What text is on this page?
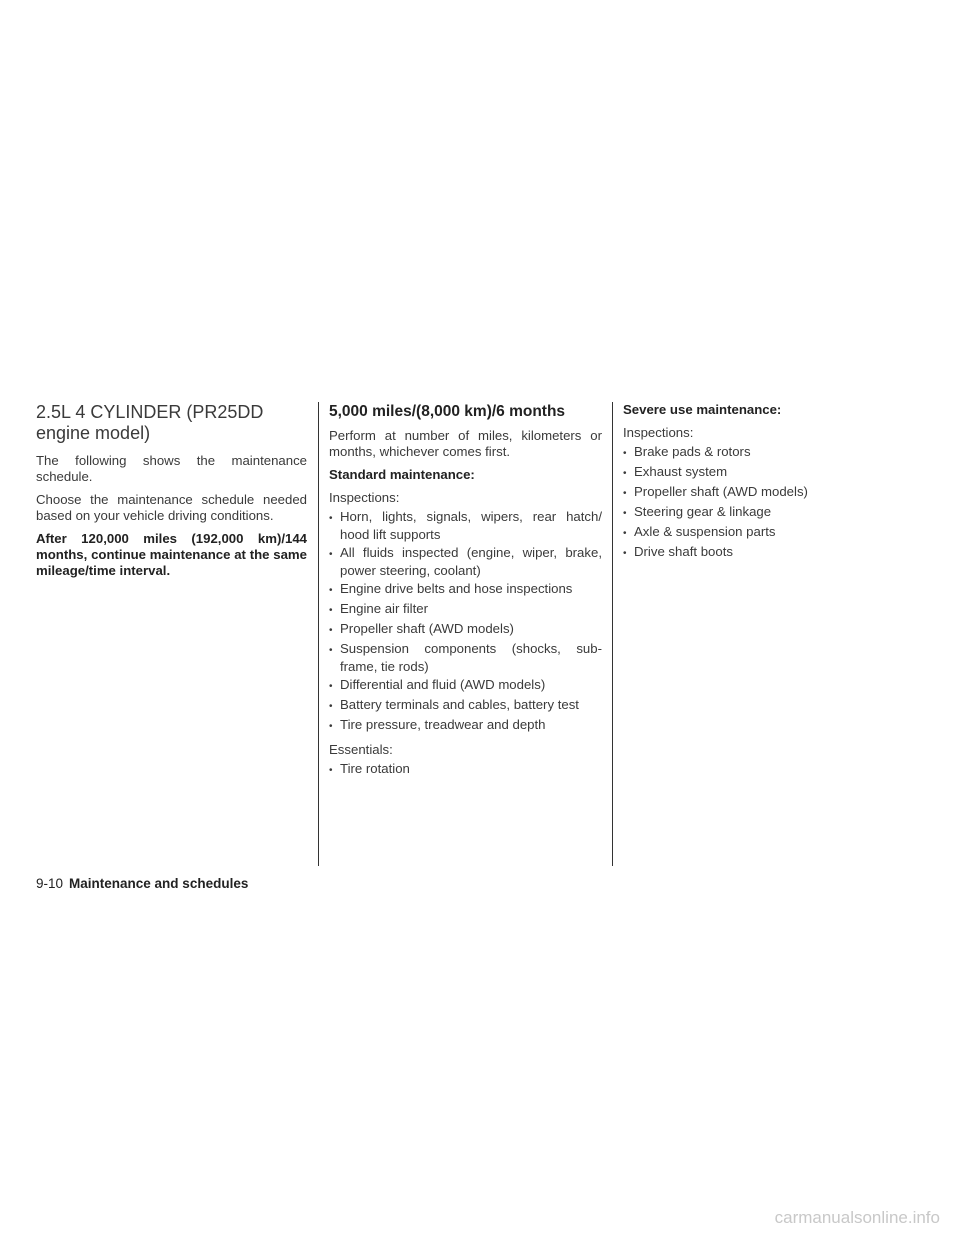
2.5L 4 CYLINDER (PR25DD engine model)

The following shows the maintenance schedule.

Choose the maintenance schedule needed based on your vehicle driving conditions.

After 120,000 miles (192,000 km)/144 months, continue maintenance at the same mileage/time interval.

5,000 miles/(8,000 km)/6 months

Perform at number of miles, kilometers or months, whichever comes first.

Standard maintenance:

Inspections:

• Horn, lights, signals, wipers, rear hatch/ hood lift supports
• All fluids inspected (engine, wiper, brake, power steering, coolant)
• Engine drive belts and hose inspections
• Engine air filter
• Propeller shaft (AWD models)
• Suspension components (shocks, sub- frame, tie rods)
• Differential and fluid (AWD models)
• Battery terminals and cables, battery test
• Tire pressure, treadwear and depth

Essentials:

• Tire rotation

Severe use maintenance:

Inspections:

• Brake pads & rotors
• Exhaust system
• Propeller shaft (AWD models)
• Steering gear & linkage
• Axle & suspension parts
• Drive shaft boots
9-10 Maintenance and schedules
carmanualsonline.info
